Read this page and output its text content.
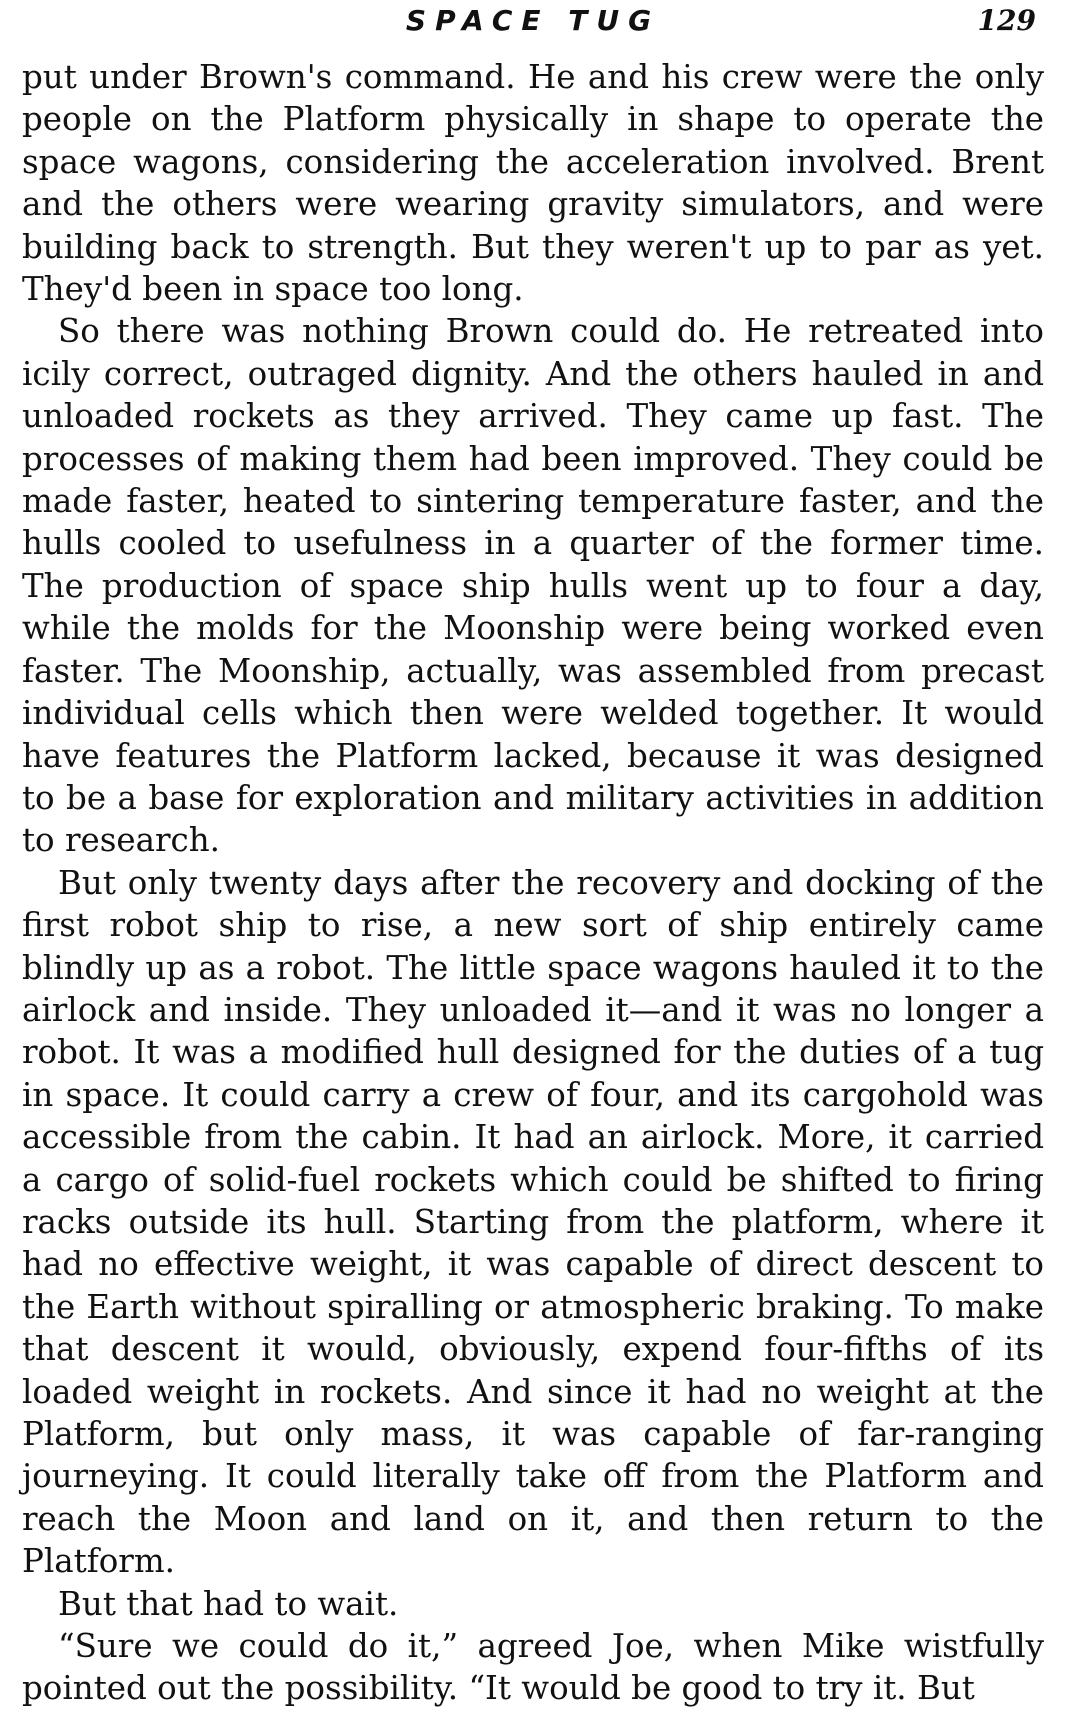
SPACE TUG	129

put under Brown's command. He and his crew were the only people on the Platform physically in shape to operate the space wagons, considering the acceleration involved. Brent and the others were wearing gravity simulators, and were building back to strength. But they weren't up to par as yet. They'd been in space too long.

So there was nothing Brown could do. He retreated into icily correct, outraged dignity. And the others hauled in and unloaded rockets as they arrived. They came up fast. The processes of making them had been improved. They could be made faster, heated to sintering temperature faster, and the hulls cooled to usefulness in a quarter of the former time. The production of space ship hulls went up to four a day, while the molds for the Moonship were being worked even faster. The Moonship, actually, was assembled from precast individual cells which then were welded together. It would have features the Platform lacked, because it was designed to be a base for exploration and military activities in addition to research.

But only twenty days after the recovery and docking of the first robot ship to rise, a new sort of ship entirely came blindly up as a robot. The little space wagons hauled it to the airlock and inside. They unloaded it—and it was no longer a robot. It was a modified hull designed for the duties of a tug in space. It could carry a crew of four, and its cargohold was accessible from the cabin. It had an airlock. More, it carried a cargo of solid-fuel rockets which could be shifted to firing racks outside its hull. Starting from the platform, where it had no effective weight, it was capable of direct descent to the Earth without spiralling or atmospheric braking. To make that descent it would, obviously, expend four-fifths of its loaded weight in rockets. And since it had no weight at the Platform, but only mass, it was capable of far-ranging journeying. It could literally take off from the Platform and reach the Moon and land on it, and then return to the Platform.

But that had to wait.

“Sure we could do it,” agreed Joe, when Mike wistfully pointed out the possibility. “It would be good to try it. But
